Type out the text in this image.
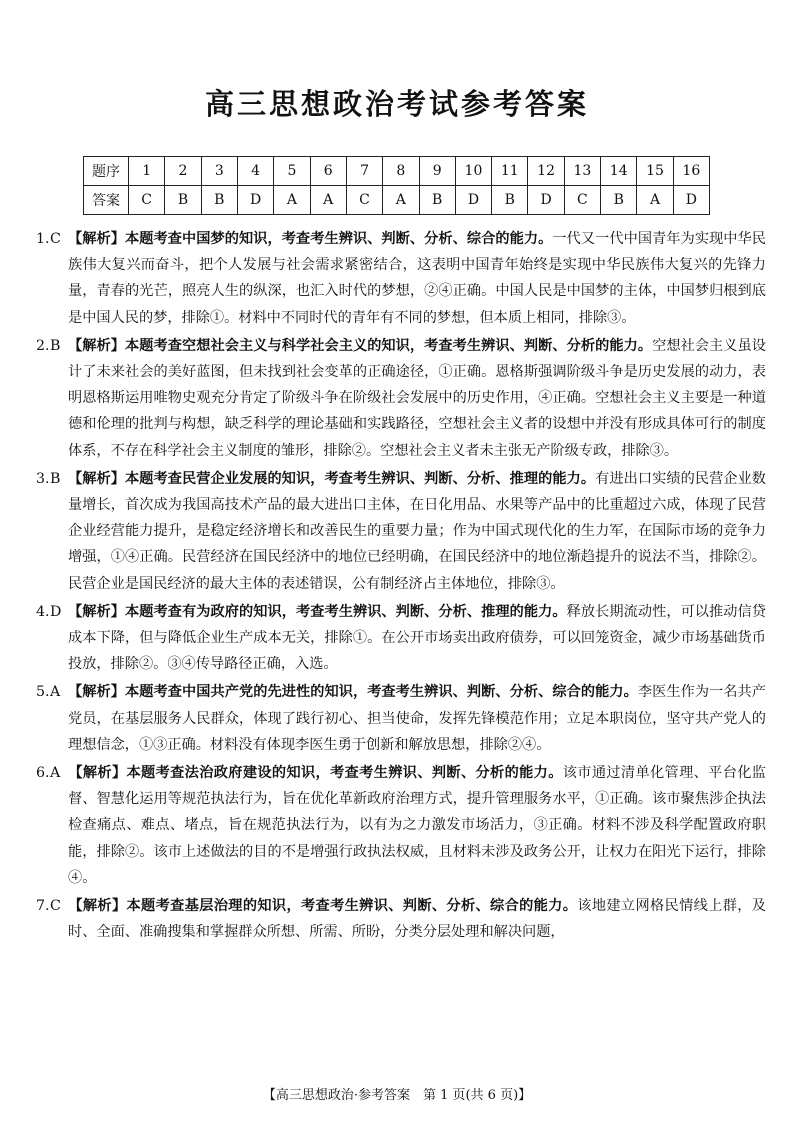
高三思想政治考试参考答案
题序	1	2	3	4	5	6	7	8	9	10	11	12	13	14	15	16
答案	C	B	B	D	A	A	C	A	B	D	B	D	C	B	A	D
1.C 【解析】本题考查中国梦的知识，考查考生辨识、判断、分析、综合的能力。一代又一代中国青年为实现中华民族伟大复兴而奋斗，把个人发展与社会需求紧密结合，这表明中国青年始终是实现中华民族伟大复兴的先锋力量，青春的光芒，照亮人生的纵深，也汇入时代的梦想，②④正确。中国人民是中国梦的主体，中国梦归根到底是中国人民的梦，排除①。材料中不同时代的青年有不同的梦想，但本质上相同，排除③。
2.B 【解析】本题考查空想社会主义与科学社会主义的知识，考查考生辨识、判断、分析的能力。空想社会主义虽设计了未来社会的美好蓝图，但未找到社会变革的正确途径，①正确。恩格斯强调阶级斗争是历史发展的动力，表明恩格斯运用唯物史观充分肯定了阶级斗争在阶级社会发展中的历史作用，④正确。空想社会主义主要是一种道德和伦理的批判与构想，缺乏科学的理论基础和实践路径，空想社会主义者的设想中并没有形成具体可行的制度体系，不存在科学社会主义制度的雏形，排除②。空想社会主义者未主张无产阶级专政，排除③。
3.B 【解析】本题考查民营企业发展的知识，考查考生辨识、判断、分析、推理的能力。有进出口实绩的民营企业数量增长，首次成为我国高技术产品的最大进出口主体，在日化用品、水果等产品中的比重超过六成，体现了民营企业经营能力提升，是稳定经济增长和改善民生的重要力量；作为中国式现代化的生力军，在国际市场的竞争力增强，①④正确。民营经济在国民经济中的地位已经明确，在国民经济中的地位渐趋提升的说法不当，排除②。民营企业是国民经济的最大主体的表述错误，公有制经济占主体地位，排除③。
4.D 【解析】本题考查有为政府的知识，考查考生辨识、判断、分析、推理的能力。释放长期流动性，可以推动信贷成本下降，但与降低企业生产成本无关，排除①。在公开市场卖出政府债券，可以回笼资金，减少市场基础货币投放，排除②。③④传导路径正确，入选。
5.A 【解析】本题考查中国共产党的先进性的知识，考查考生辨识、判断、分析、综合的能力。李医生作为一名共产党员，在基层服务人民群众，体现了践行初心、担当使命，发挥先锋模范作用；立足本职岗位，坚守共产党人的理想信念，①③正确。材料没有体现李医生勇于创新和解放思想，排除②④。
6.A 【解析】本题考查法治政府建设的知识，考查考生辨识、判断、分析的能力。该市通过清单化管理、平台化监督、智慧化运用等规范执法行为，旨在优化革新政府治理方式，提升管理服务水平，①正确。该市聚焦涉企执法检查痛点、难点、堵点，旨在规范执法行为，以有为之力激发市场活力，③正确。材料不涉及科学配置政府职能，排除②。该市上述做法的目的不是增强行政执法权威，且材料未涉及政务公开，让权力在阳光下运行，排除④。
7.C 【解析】本题考查基层治理的知识，考查考生辨识、判断、分析、综合的能力。该地建立网格民情线上群，及时、全面、准确搜集和掌握群众所想、所需、所盼，分类分层处理和解决问题，
【高三思想政治·参考答案　第 1 页(共 6 页)】
